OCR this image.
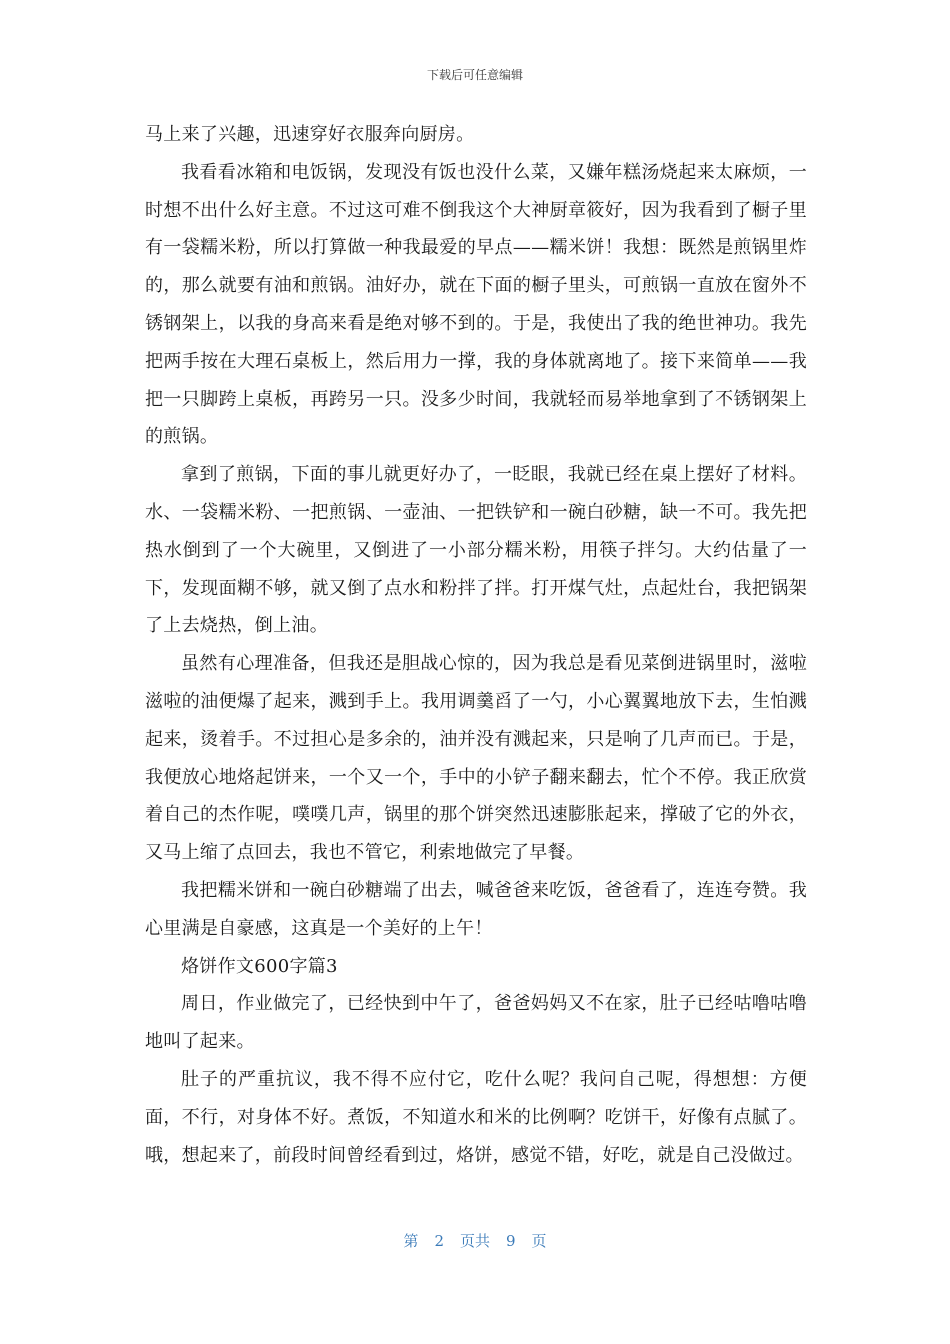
下载后可任意编辑

马上来了兴趣，迅速穿好衣服奔向厨房。

我看看冰箱和电饭锅，发现没有饭也没什么菜，又嫌年糕汤烧起来太麻烦，一时想不出什么好主意。不过这可难不倒我这个大神厨章筱好，因为我看到了橱子里有一袋糯米粉，所以打算做一种我最爱的早点——糯米饼！我想：既然是煎锅里炸的，那么就要有油和煎锅。油好办，就在下面的橱子里头，可煎锅一直放在窗外不锈钢架上，以我的身高来看是绝对够不到的。于是，我使出了我的绝世神功。我先把两手按在大理石桌板上，然后用力一撑，我的身体就离地了。接下来简单——我把一只脚跨上桌板，再跨另一只。没多少时间，我就轻而易举地拿到了不锈钢架上的煎锅。

拿到了煎锅，下面的事儿就更好办了，一眨眼，我就已经在桌上摆好了材料。水、一袋糯米粉、一把煎锅、一壶油、一把铁铲和一碗白砂糖，缺一不可。我先把热水倒到了一个大碗里，又倒进了一小部分糯米粉，用筷子拌匀。大约估量了一下，发现面糊不够，就又倒了点水和粉拌了拌。打开煤气灶，点起灶台，我把锅架了上去烧热，倒上油。

虽然有心理准备，但我还是胆战心惊的，因为我总是看见菜倒进锅里时，滋啦滋啦的油便爆了起来，溅到手上。我用调羹舀了一勺，小心翼翼地放下去，生怕溅起来，烫着手。不过担心是多余的，油并没有溅起来，只是响了几声而已。于是，我便放心地烙起饼来，一个又一个，手中的小铲子翻来翻去，忙个不停。我正欣赏着自己的杰作呢，噗噗几声，锅里的那个饼突然迅速膨胀起来，撑破了它的外衣，又马上缩了点回去，我也不管它，利索地做完了早餐。

我把糯米饼和一碗白砂糖端了出去，喊爸爸来吃饭，爸爸看了，连连夸赞。我心里满是自豪感，这真是一个美好的上午！

烙饼作文600字篇3

周日，作业做完了，已经快到中午了，爸爸妈妈又不在家，肚子已经咕噜咕噜地叫了起来。

肚子的严重抗议，我不得不应付它，吃什么呢？我问自己呢，得想想：方便面，不行，对身体不好。煮饭，不知道水和米的比例啊？吃饼干，好像有点腻了。哦，想起来了，前段时间曾经看到过，烙饼，感觉不错，好吃，就是自己没做过。

第 2 页共 9 页
